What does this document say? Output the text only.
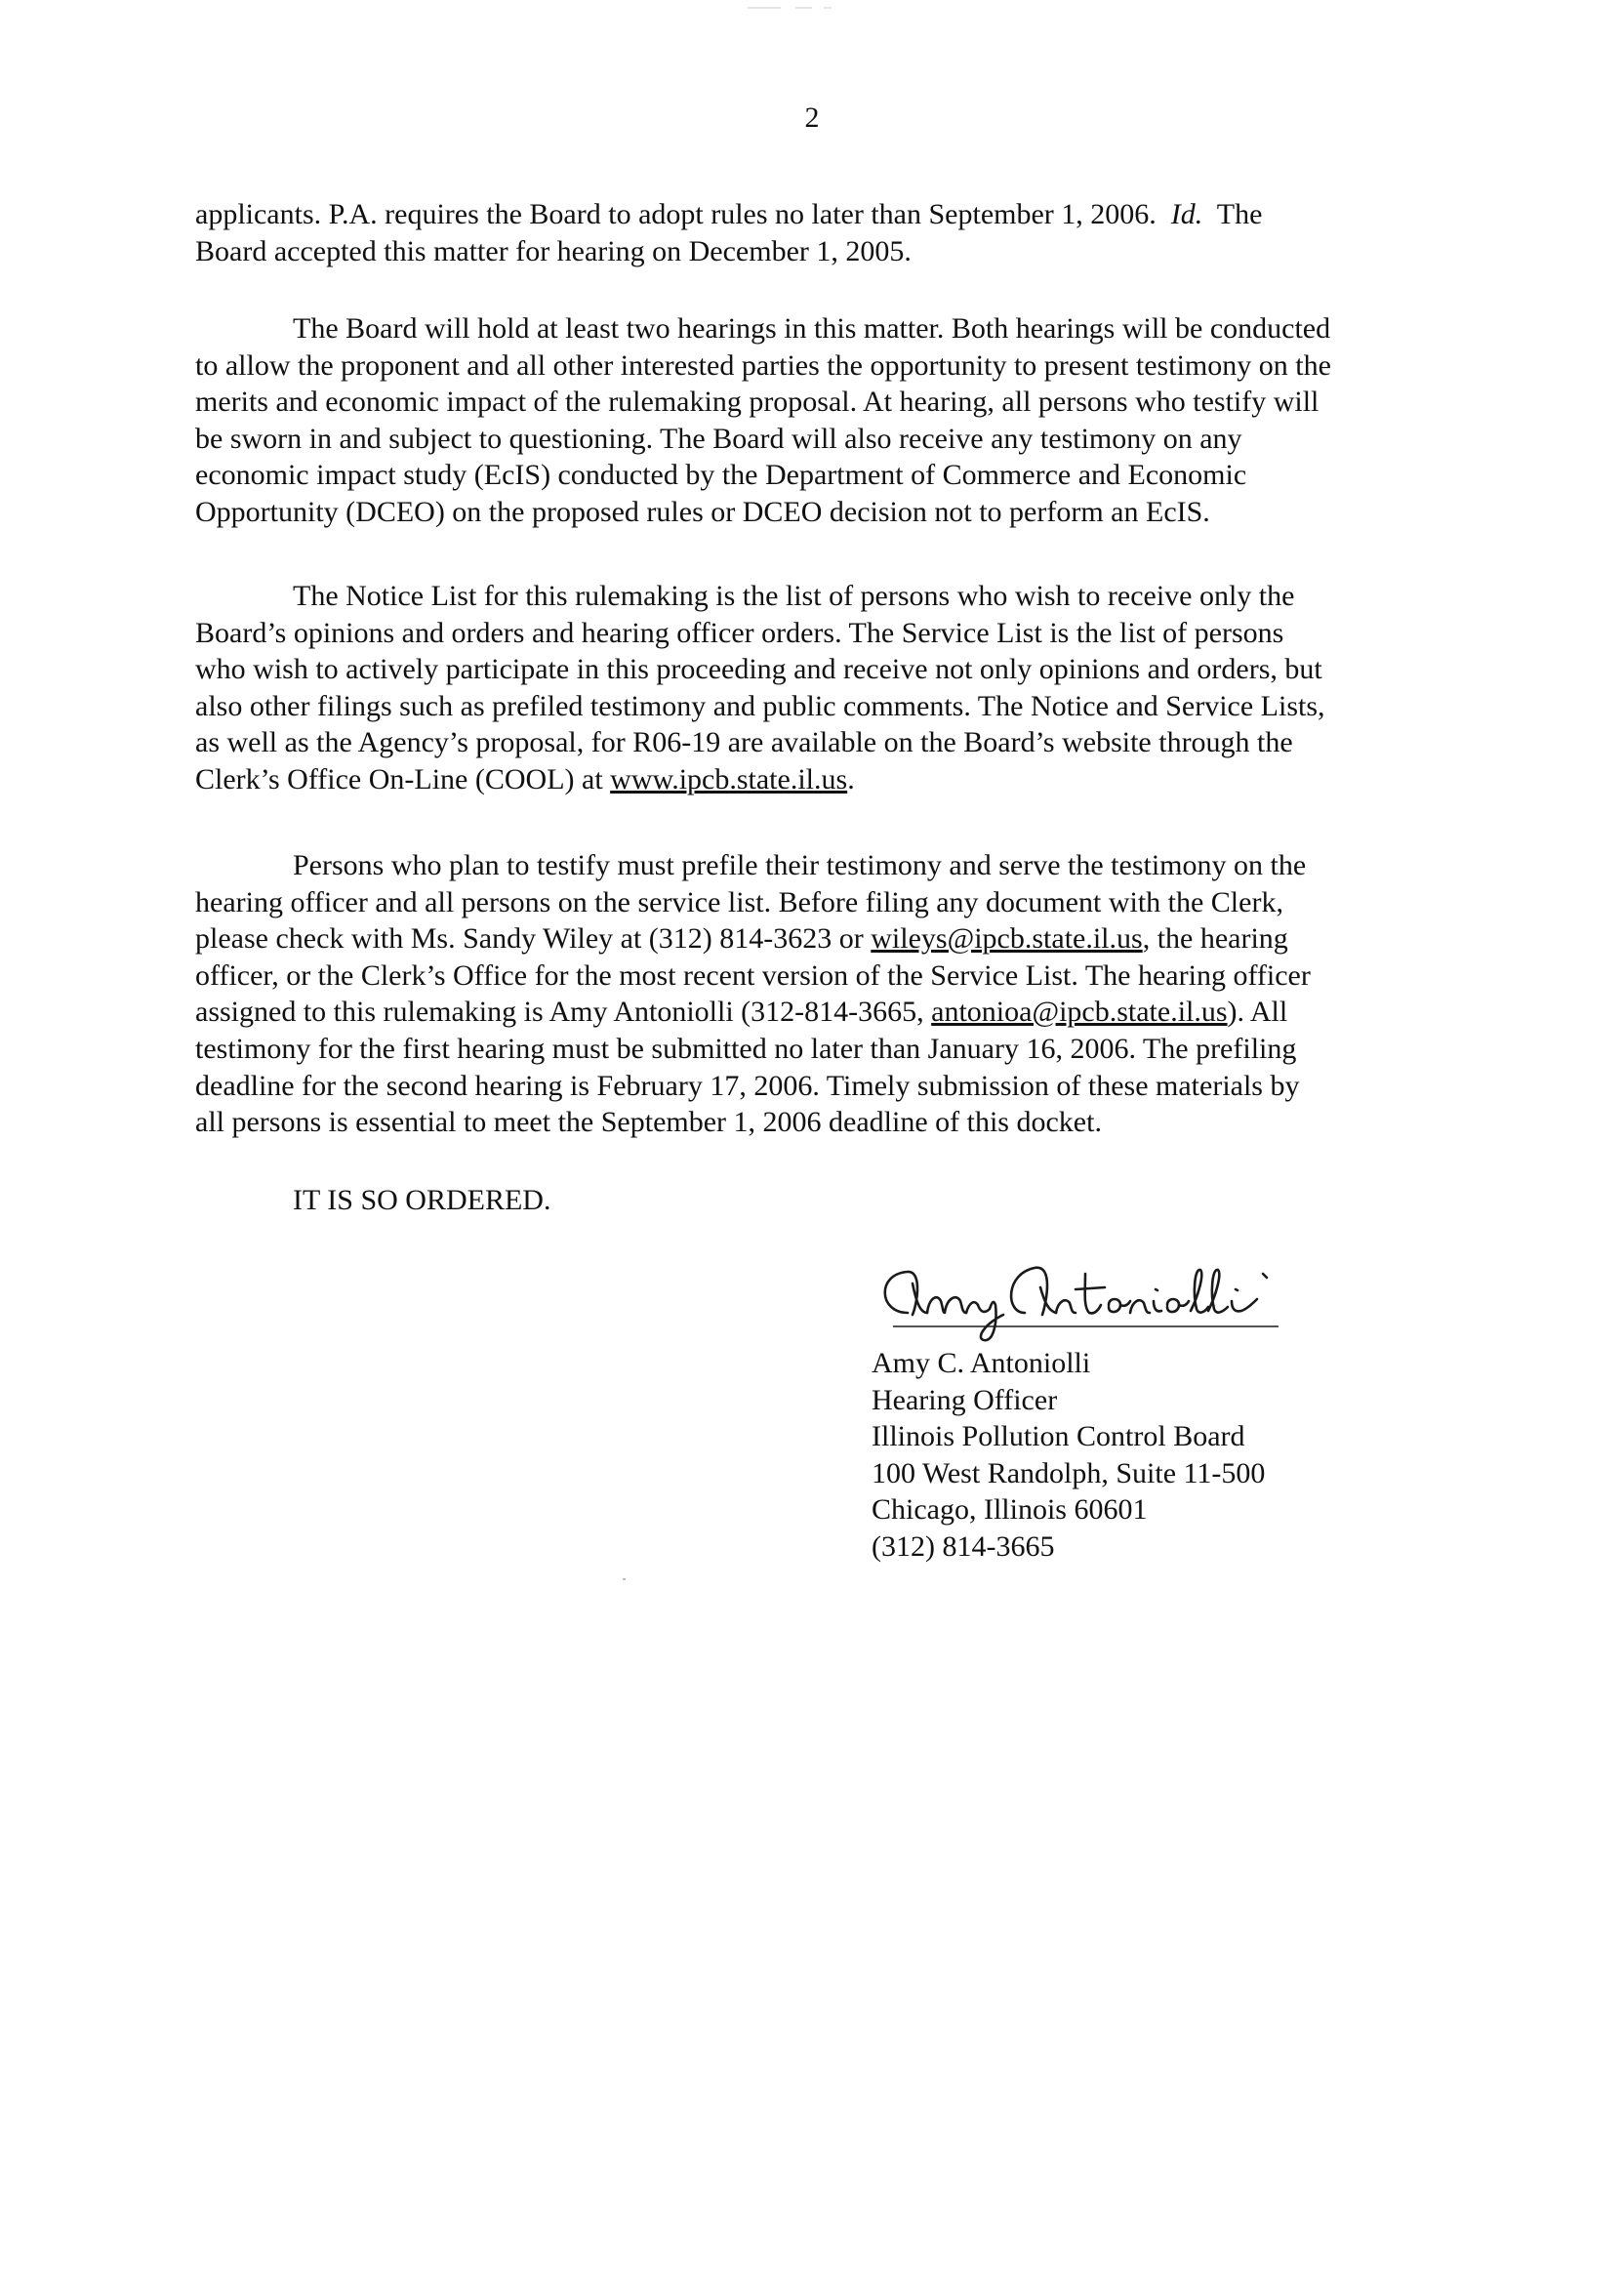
2
applicants. P.A. requires the Board to adopt rules no later than September 1, 2006. Id. The
Board accepted this matter for hearing on December 1, 2005.
The Board will hold at least two hearings in this matter. Both hearings will be conducted
to allow the proponent and all other interested parties the opportunity to present testimony on the
merits and economic impact of the rulemaking proposal. At hearing, all persons who testify will
be sworn in and subject to questioning. The Board will also receive any testimony on any
economic impact study (EcIS) conducted by the Department of Commerce and Economic
Opportunity (DCEO) on the proposed rules or DCEO decision not to perform an EcIS.
The Notice List for this rulemaking is the list of persons who wish to receive only the
Board’s opinions and orders and hearing officer orders. The Service List is the list of persons
who wish to actively participate in this proceeding and receive not only opinions and orders, but
also other filings such as prefiled testimony and public comments. The Notice and Service Lists,
as well as the Agency’s proposal, for R06-19 are available on the Board’s website through the
Clerk’s Office On-Line (COOL) at www.ipcb.state.il.us.
Persons who plan to testify must prefile their testimony and serve the testimony on the
hearing officer and all persons on the service list. Before filing any document with the Clerk,
please check with Ms. Sandy Wiley at (312) 814-3623 or wileys@ipcb.state.il.us, the hearing
officer, or the Clerk’s Office for the most recent version of the Service List. The hearing officer
assigned to this rulemaking is Amy Antoniolli (312-814-3665, antonioa@ipcb.state.il.us). All
testimony for the first hearing must be submitted no later than January 16, 2006. The prefiling
deadline for the second hearing is February 17, 2006. Timely submission of these materials by
all persons is essential to meet the September 1, 2006 deadline of this docket.
IT IS SO ORDERED.
Amy C. Antoniolli
Hearing Officer
Illinois Pollution Control Board
100 West Randolph, Suite 11-500
Chicago, Illinois 60601
(312) 814-3665
